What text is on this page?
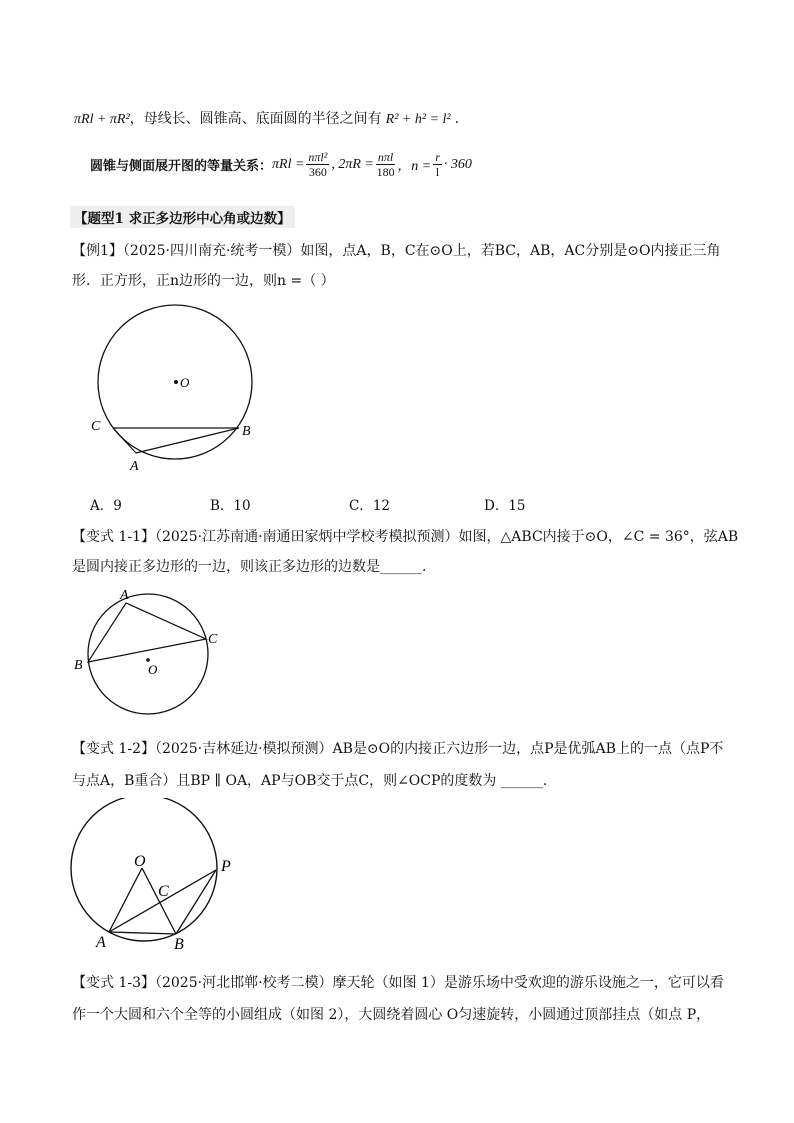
πRl + πR²，母线长、圆锥高、底面圆的半径之间有 R² + h² = l² .
圆锥与侧面展开图的等量关系： $\pi Rl = \frac{\text{nπl²}}{360}$ , $2\pi R = \frac{\text{nπl}}{180}$ ，$n = \frac{r}{l} \cdot 360$
【题型1 求正多边形中心角或边数】
【例1】（2025·四川南充·统考一模）如图，点A，B，C在⊙O上，若BC，AB，AC分别是⊙O内接正三角
形．正方形，正n边形的一边，则n =（ ）
O
C	B
A
A．9	B．10	C．12	D．15
【变式 1-1】（2025·江苏南通·南通田家炳中学校考模拟预测）如图，△ABC内接于⊙O，∠C = 36°，弦AB
是圆内接正多边形的一边，则该正多边形的边数是______．
O
A
C
B
【变式 1-2】（2025·吉林延边·模拟预测）AB是⊙O的内接正六边形一边，点P是优弧AB上的一点（点P不
与点A，B重合）且BP ∥ OA，AP与OB交于点C，则∠OCP的度数为 ______．
O
C
P
A	B
【变式 1-3】（2025·河北邯郸·校考二模）摩天轮（如图 1）是游乐场中受欢迎的游乐设施之一，它可以看
作一个大圆和六个全等的小圆组成（如图 2），大圆绕着圆心 O匀速旋转，小圆通过顶部挂点（如点 P，
